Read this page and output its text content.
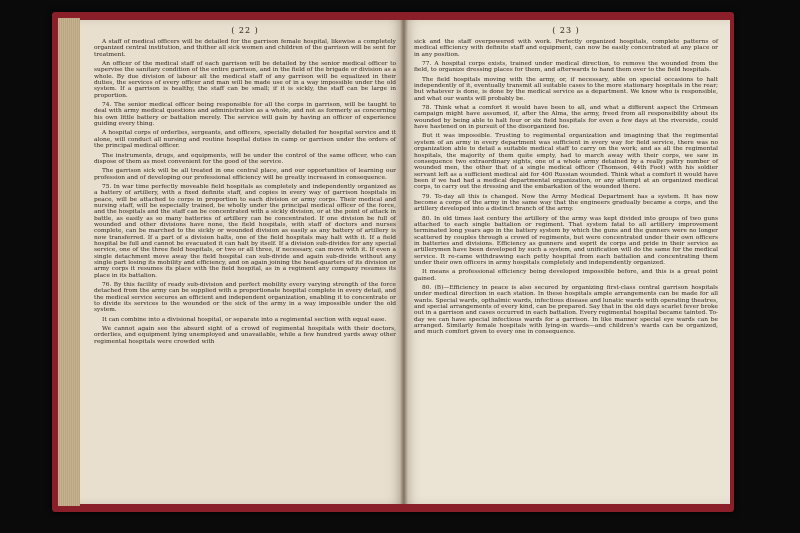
( 22 )

A staff of medical officers will be detailed for the garrison female hospital, likewise a completely organized central institution, and thither all sick women and children of the garrison will be sent for treatment.

An officer of the medical staff of each garrison will be detailed by the senior medical officer to supervise the sanitary condition of the entire garrison, and in the field of the brigade or division as a whole. By due division of labour all the medical staff of any garrison will be equalized in their duties, the services of every officer and man will be made use of in a way impossible under the old system. If a garrison is healthy, the staff can be small; if it is sickly, the staff can be large in proportion.

74. The senior medical officer being responsible for all the corps in garrison, will be taught to deal with army medical questions and administration as a whole, and not as formerly as concerning his own little battery or battalion merely. The service will gain by having an officer of experience guiding every thing.

A hospital corps of orderlies, sergeants, and officers, specially detailed for hospital service and it alone, will conduct all nursing and routine hospital duties in camp or garrison under the orders of the principal medical officer.

The instruments, drugs, and equipments, will be under the control of the same officer, who can dispose of them as most convenient for the good of the service.

The garrison sick will be all treated in one central place, and our opportunities of learning our profession and of developing our professional efficiency will be greatly increased in consequence.

75. In war time perfectly moveable field hospitals as completely and independently organized as a battery of artillery, with a fixed definite staff, and copies in every way of garrison hospitals in peace, will be attached to corps in proportion to each division or army corps. Their medical and nursing staff, will be especially trained, be wholly under the principal medical officer of the force, and the hospitals and the staff can be concentrated with a sickly division, or at the point of attack in battle, as easily as so many batteries of artillery can be concentrated. If one division be full of wounded and other divisions have none, the field hospitals, with staff of doctors and nurses complete, can be marched to the sickly or wounded division as easily as any battery of artillery is now transferred. If a part of a division halts, one of the field hospitals may halt with it. If a field hospital be full and cannot be evacuated it can halt by itself. If a division sub-divides for any special service, one of the three field hospitals, or two or all three, if necessary, can move with it. If even a single detachment move away the field hospital can sub-divide and again sub-divide without any single part losing its mobility and efficiency, and on again joining the head-quarters of its division or army corps it resumes its place with the field hospital, as in a regiment any company resumes its place in its battalion.

76. By this facility of ready sub-division and perfect mobility every varying strength of the force detached from the army can be supplied with a proportionate hospital complete in every detail, and the medical service secures an efficient and independent organization, enabling it to concentrate or to divide its services to the wounded or the sick of the army in a way impossible under the old system.

It can combine into a divisional hospital, or separate into a regimental section with equal ease.

We cannot again see the absurd sight of a crowd of regimental hospitals with their doctors, orderlies, and equipment lying unemployed and unavailable, while a few hundred yards away other regimental hospitals were crowded with

( 23 )

sick and the staff overpowered with work. Perfectly organized hospitals, complete patterns of medical efficiency with definite staff and equipment, can now be easily concentrated at any place or in any position.

77. A hospital corps exists, trained under medical direction, to remove the wounded from the field, to organize dressing places for them, and afterwards to hand them over to the field hospitals.

The field hospitals moving with the army, or, if necessary, able on special occasions to halt independently of it, eventually transmit all suitable cases to the more stationary hospitals in the rear; but whatever is done, is done by the medical service as a department. We know who is responsible, and what our wants will probably be.

78. Think what a comfort it would have been to all, and what a different aspect the Crimean campaign might have assumed, if, after the Alma, the army, freed from all responsibility about its wounded by being able to halt four or six field hospitals for even a few days at the riverside, could have hastened on in pursuit of the disorganized foe.

But it was impossible. Trusting to regimental organization and imagining that the regimental system of an army in every department was sufficient in every way for field service, there was no organization able to detail a suitable medical staff to carry on the work; and as all the regimental hospitals, the majority of them quite empty, had to march away with their corps, we saw in consequence two extraordinary sights, one of a whole army detained by a really paltry number of wounded men, the other that of a single medical officer (Thomson, 44th Foot) with his soldier servant left as a sufficient medical aid for 400 Russian wounded. Think what a comfort it would have been if we had had a medical departmental organization, or any attempt at an organized medical corps, to carry out the dressing and the embarkation of the wounded there.

79. To-day all this is changed. Now the Army Medical Department has a system. It has now become a corps of the army in the same way that the engineers gradually became a corps, and the artillery developed into a distinct branch of the army.

80. In old times last century the artillery of the army was kept divided into groups of two guns attached to each single battalion or regiment. That system fatal to all artillery improvement terminated long years ago in the battery system by which the guns and the gunners were no longer scattered by couples through a crowd of regiments, but were concentrated under their own officers in batteries and divisions. Efficiency as gunners and esprit de corps and pride in their service as artillerymen have been developed by such a system, and unification will do the same for the medical service. It re-came withdrawing each petty hospital from each battalion and concentrating them under their own officers in army hospitals completely and independently organized.

It means a professional efficiency being developed impossible before, and this is a great point gained.

80. (B)—Efficiency in peace is also secured by organizing first-class central garrison hospitals under medical direction in each station. In these hospitals ample arrangements can be made for all wants. Special wards, opthalmic wards, infectious disease and lunatic wards with operating theatres, and special arrangements of every kind, can be prepared. Say that in the old days scarlet fever broke out in a garrison and cases occurred in each battalion. Every regimental hospital became tainted. To-day we can have special infectious wards for a garrison. In like manner special eye wards can be arranged. Similarly female hospitals with lying-in wards—and children's wards can be organized, and much comfort given to every one in consequence.
